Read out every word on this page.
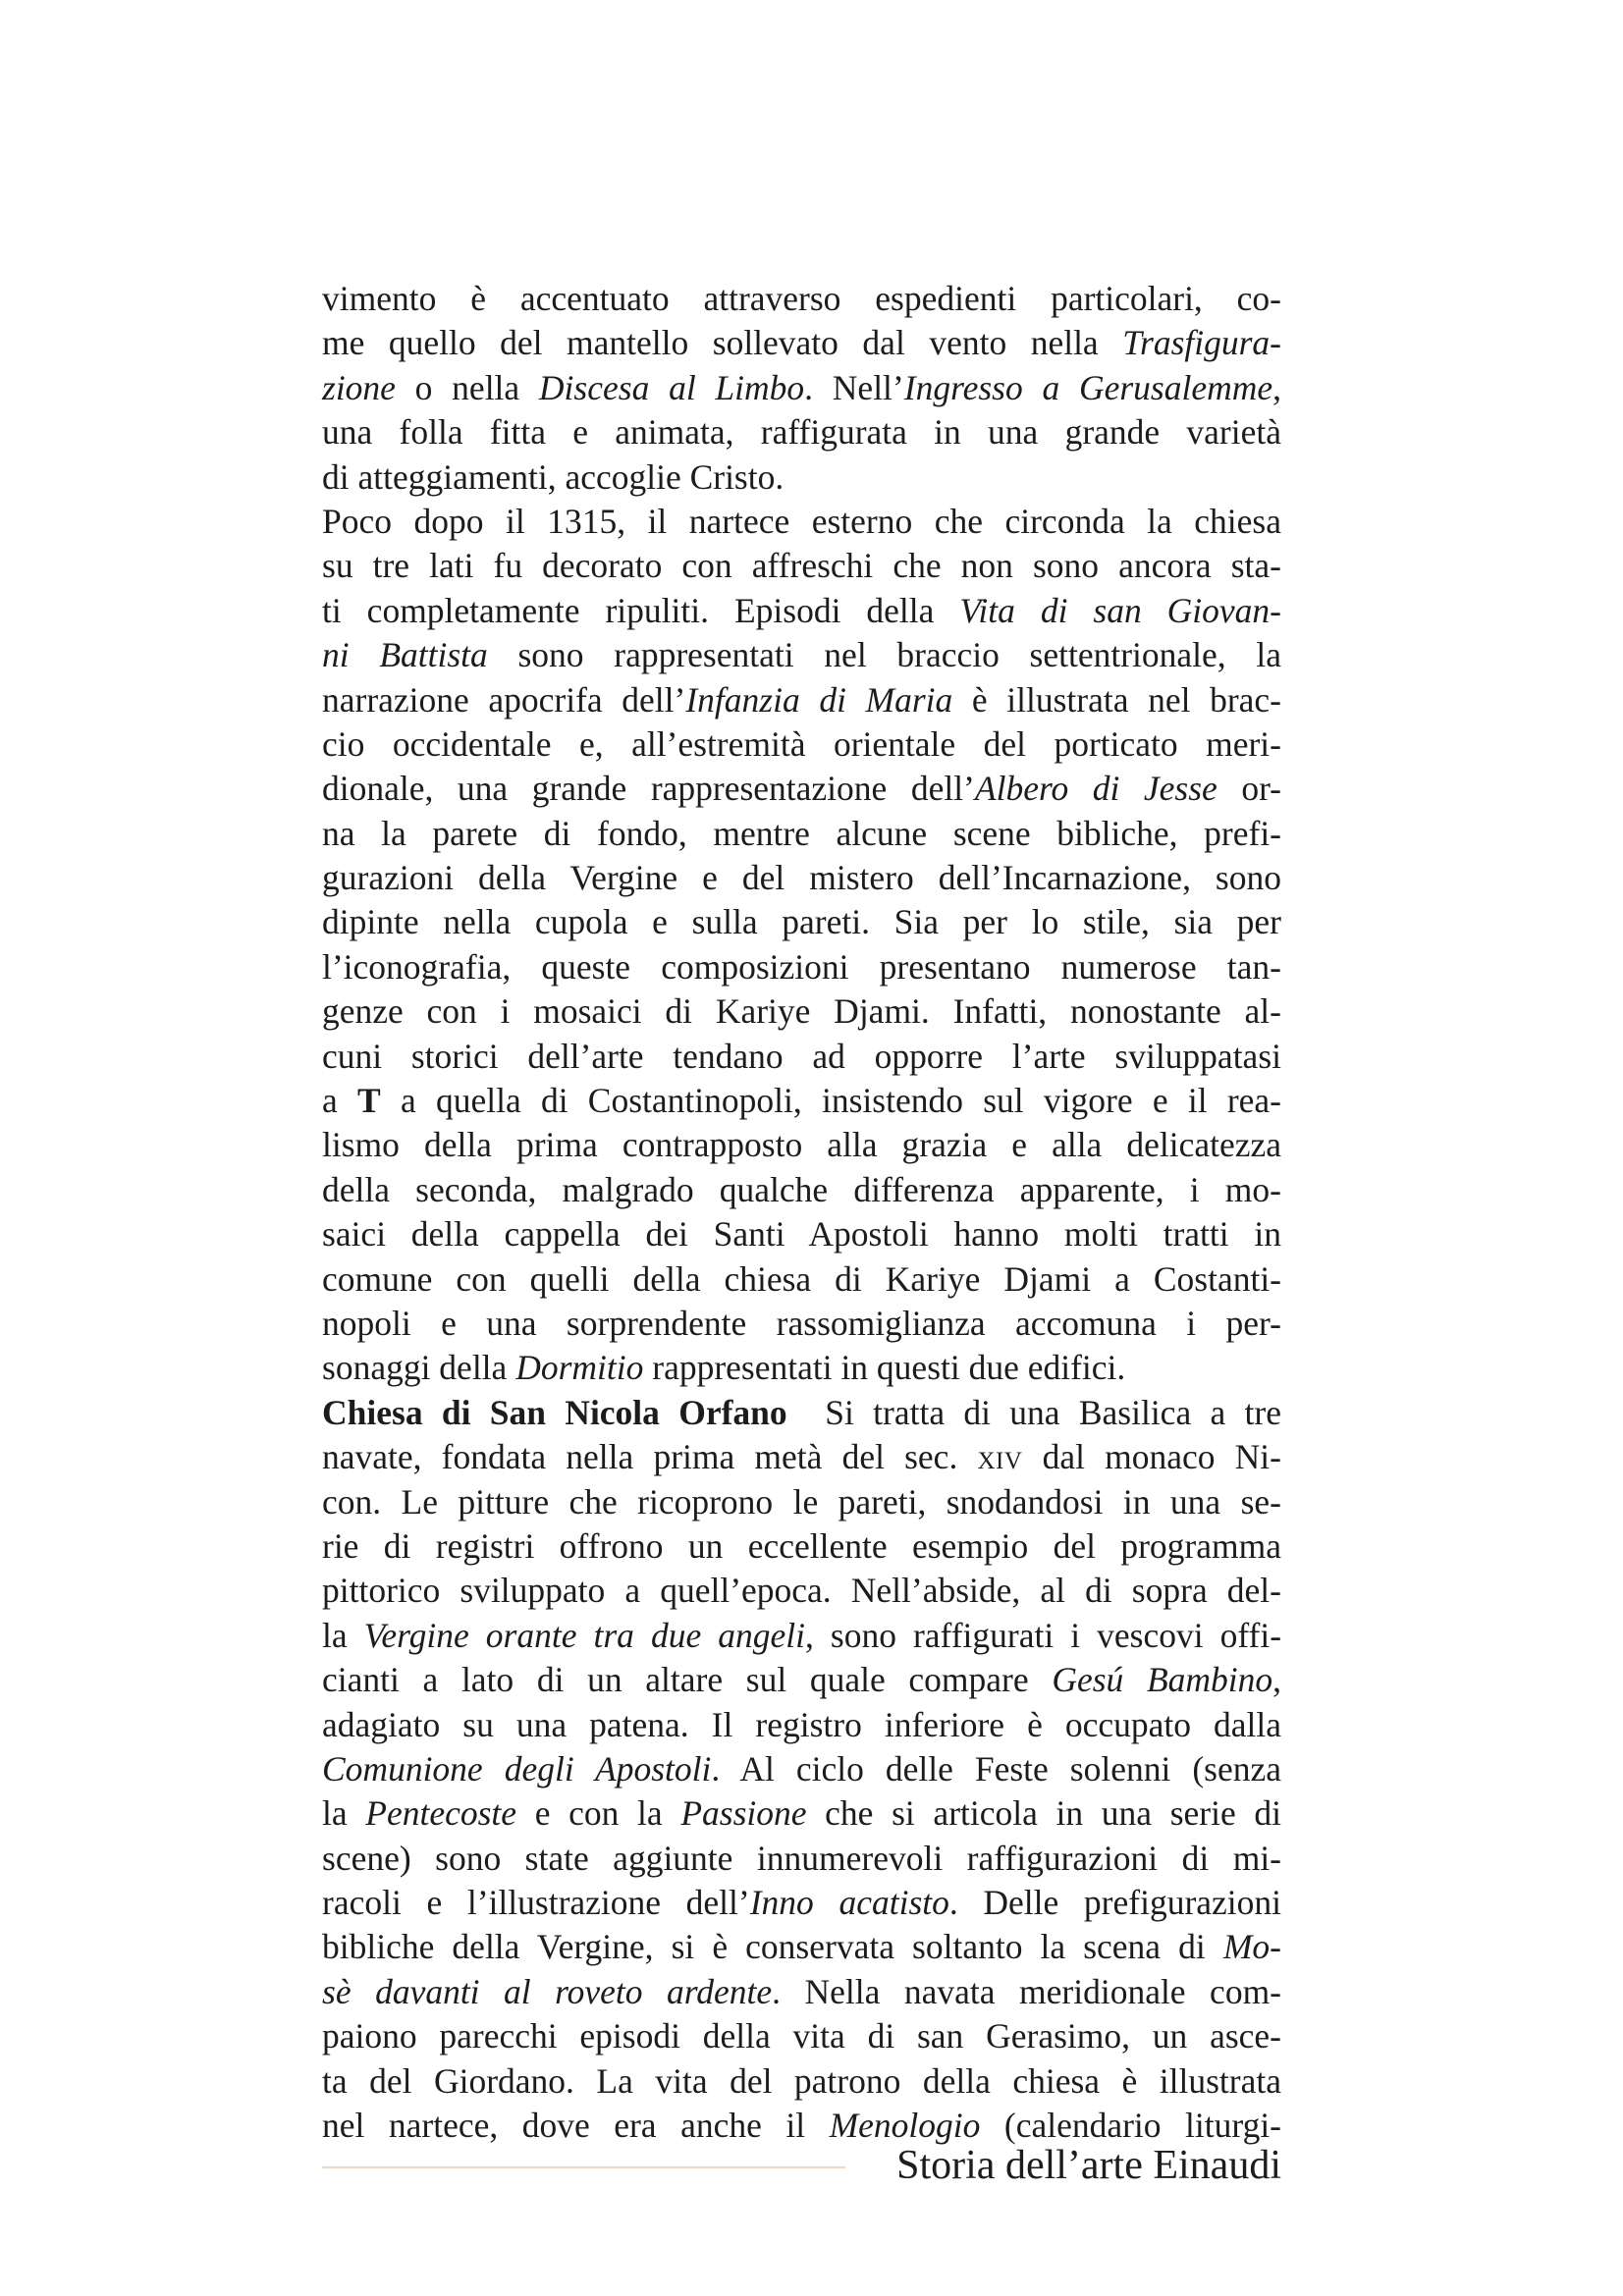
vimento è accentuato attraverso espedienti particolari, co-
me quello del mantello sollevato dal vento nella Trasfigura-
zione o nella Discesa al Limbo. Nell’Ingresso a Gerusalemme,
una folla fitta e animata, raffigurata in una grande varietà
di atteggiamenti, accoglie Cristo.
Poco dopo il 1315, il nartece esterno che circonda la chiesa
su tre lati fu decorato con affreschi che non sono ancora sta-
ti completamente ripuliti. Episodi della Vita di san Giovan-
ni Battista sono rappresentati nel braccio settentrionale, la
narrazione apocrifa dell’Infanzia di Maria è illustrata nel brac-
cio occidentale e, all’estremità orientale del porticato meri-
dionale, una grande rappresentazione dell’Albero di Jesse or-
na la parete di fondo, mentre alcune scene bibliche, prefi-
gurazioni della Vergine e del mistero dell’Incarnazione, sono
dipinte nella cupola e sulla pareti. Sia per lo stile, sia per
l’iconografia, queste composizioni presentano numerose tan-
genze con i mosaici di Kariye Djami. Infatti, nonostante al-
cuni storici dell’arte tendano ad opporre l’arte sviluppatasi
a T a quella di Costantinopoli, insistendo sul vigore e il rea-
lismo della prima contrapposto alla grazia e alla delicatezza
della seconda, malgrado qualche differenza apparente, i mo-
saici della cappella dei Santi Apostoli hanno molti tratti in
comune con quelli della chiesa di Kariye Djami a Costanti-
nopoli e una sorprendente rassomiglianza accomuna i per-
sonaggi della Dormitio rappresentati in questi due edifici.
Chiesa di San Nicola Orfano  Si tratta di una Basilica a tre
navate, fondata nella prima metà del sec. xiv dal monaco Ni-
con. Le pitture che ricoprono le pareti, snodandosi in una se-
rie di registri offrono un eccellente esempio del programma
pittorico sviluppato a quell’epoca. Nell’abside, al di sopra del-
la Vergine orante tra due angeli, sono raffigurati i vescovi offi-
cianti a lato di un altare sul quale compare Gesú Bambino,
adagiato su una patena. Il registro inferiore è occupato dalla
Comunione degli Apostoli. Al ciclo delle Feste solenni (senza
la Pentecoste e con la Passione che si articola in una serie di
scene) sono state aggiunte innumerevoli raffigurazioni di mi-
racoli e l’illustrazione dell’Inno acatisto. Delle prefigurazioni
bibliche della Vergine, si è conservata soltanto la scena di Mo-
sè davanti al roveto ardente. Nella navata meridionale com-
paiono parecchi episodi della vita di san Gerasimo, un asce-
ta del Giordano. La vita del patrono della chiesa è illustrata
nel nartece, dove era anche il Menologio (calendario liturgi-
Storia dell’arte Einaudi
